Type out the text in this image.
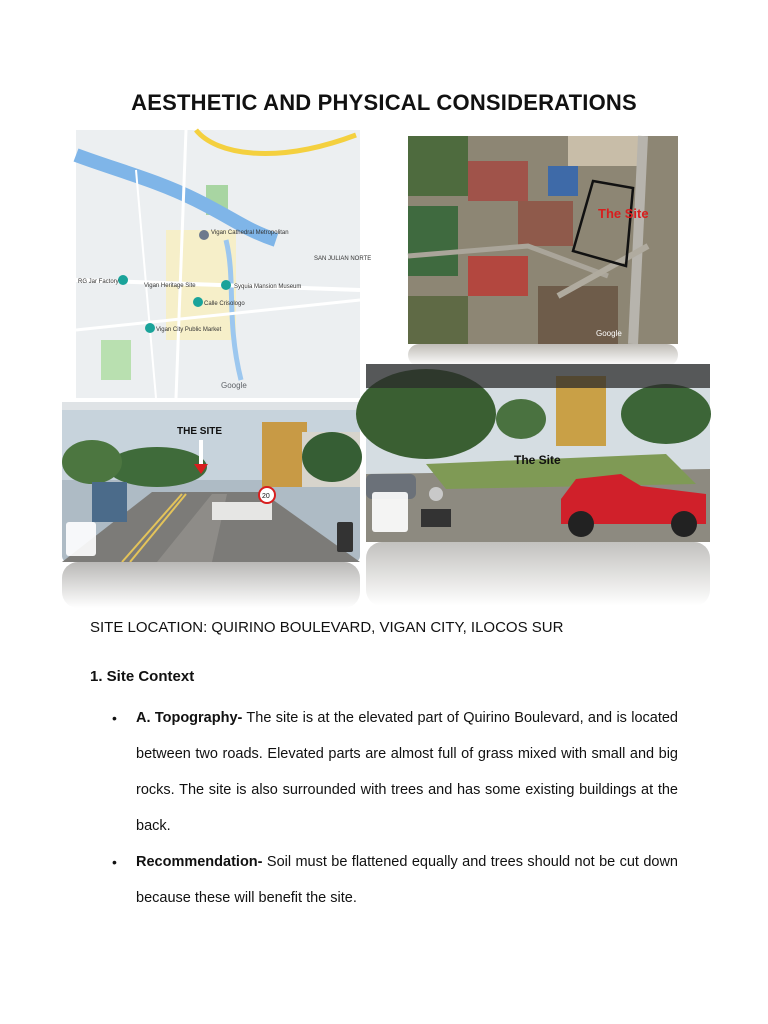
AESTHETIC AND PHYSICAL CONSIDERATIONS
Vigan Cathedral Metropolitan
RG Jar Factory
Vigan Heritage Site	Syquia Mansion Museum
Calle Crisologo
Vigan City Public Market
SAN JULIAN NORTE
Google
The Site
Google
THE SITE
20
The Site
SITE LOCATION: QUIRINO BOULEVARD, VIGAN CITY, ILOCOS SUR
1. Site Context
• A. Topography- The site is at the elevated part of Quirino Boulevard, and is located between two roads. Elevated parts are almost full of grass mixed with small and big rocks. The site is also surrounded with trees and has some existing buildings at the back.
• Recommendation- Soil must be flattened equally and trees should not be cut down because these will benefit the site.
